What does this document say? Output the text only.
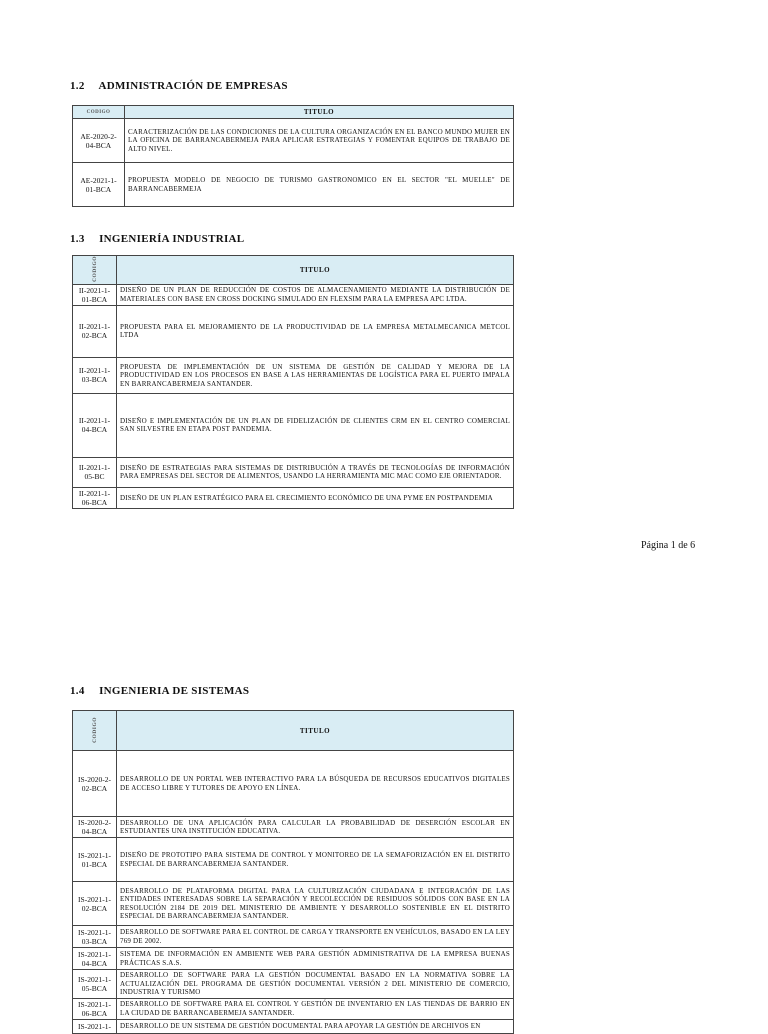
1.2 ADMINISTRACIÓN DE EMPRESAS
CODIGO	TITULO
AE-2020-2-04-BCA	CARACTERIZACIÓN DE LAS CONDICIONES DE LA CULTURA ORGANIZACIÓN EN EL BANCO MUNDO MUJER EN LA OFICINA DE BARRANCABERMEJA PARA APLICAR ESTRATEGIAS Y FOMENTAR EQUIPOS DE TRABAJO DE ALTO NIVEL.
AE-2021-1-01-BCA	PROPUESTA MODELO DE NEGOCIO DE TURISMO GASTRONOMICO EN EL SECTOR "EL MUELLE" DE BARRANCABERMEJA
1.3 INGENIERÍA INDUSTRIAL
CODIGO	TITULO
II-2021-1-01-BCA	DISEÑO DE UN PLAN DE REDUCCIÓN DE COSTOS DE ALMACENAMIENTO MEDIANTE LA DISTRIBUCIÓN DE MATERIALES CON BASE EN CROSS DOCKING SIMULADO EN FLEXSIM PARA LA EMPRESA APC LTDA.
II-2021-1-02-BCA	PROPUESTA PARA EL MEJORAMIENTO DE LA PRODUCTIVIDAD DE LA EMPRESA METALMECANICA METCOL LTDA
II-2021-1-03-BCA	PROPUESTA DE IMPLEMENTACIÓN DE UN SISTEMA DE GESTIÓN DE CALIDAD Y MEJORA DE LA PRODUCTIVIDAD EN LOS PROCESOS EN BASE A LAS HERRAMIENTAS DE LOGÍSTICA PARA EL PUERTO IMPALA EN BARRANCABERMEJA SANTANDER.
II-2021-1-04-BCA	DISEÑO E IMPLEMENTACIÓN DE UN PLAN DE FIDELIZACIÓN DE CLIENTES CRM EN EL CENTRO COMERCIAL SAN SILVESTRE EN ETAPA POST PANDEMIA.
II-2021-1-05-BC	DISEÑO DE ESTRATEGIAS PARA SISTEMAS DE DISTRIBUCIÓN A TRAVÉS DE TECNOLOGÍAS DE INFORMACIÓN PARA EMPRESAS DEL SECTOR DE ALIMENTOS, USANDO LA HERRAMIENTA MIC MAC COMO EJE ORIENTADOR.
II-2021-1-06-BCA	DISEÑO DE UN PLAN ESTRATÉGICO PARA EL CRECIMIENTO ECONÓMICO DE UNA PYME EN POSTPANDEMIA
Página 1 de 6
1.4 INGENIERIA DE SISTEMAS
CODIGO	TITULO
IS-2020-2-02-BCA	DESARROLLO DE UN PORTAL WEB INTERACTIVO PARA LA BÚSQUEDA DE RECURSOS EDUCATIVOS DIGITALES DE ACCESO LIBRE Y TUTORES DE APOYO EN LÍNEA.
IS-2020-2-04-BCA	DESARROLLO DE UNA APLICACIÓN PARA CALCULAR LA PROBABILIDAD DE DESERCIÓN ESCOLAR EN ESTUDIANTES UNA INSTITUCIÓN EDUCATIVA.
IS-2021-1-01-BCA	DISEÑO DE PROTOTIPO PARA SISTEMA DE CONTROL Y MONITOREO DE LA SEMAFORIZACIÓN EN EL DISTRITO ESPECIAL DE BARRANCABERMEJA SANTANDER.
IS-2021-1-02-BCA	DESARROLLO DE PLATAFORMA DIGITAL PARA LA CULTURIZACIÓN CIUDADANA E INTEGRACIÓN DE LAS ENTIDADES INTERESADAS SOBRE LA SEPARACIÓN Y RECOLECCIÓN DE RESIDUOS SÓLIDOS CON BASE EN LA RESOLUCIÓN 2184 DE 2019 DEL MINISTERIO DE AMBIENTE Y DESARROLLO SOSTENIBLE EN EL DISTRITO ESPECIAL DE BARRANCABERMEJA SANTANDER.
IS-2021-1-03-BCA	DESARROLLO DE SOFTWARE PARA EL CONTROL DE CARGA Y TRANSPORTE EN VEHÍCULOS, BASADO EN LA LEY 769 DE 2002.
IS-2021-1-04-BCA	SISTEMA DE INFORMACIÓN EN AMBIENTE WEB PARA GESTIÓN ADMINISTRATIVA DE LA EMPRESA BUENAS PRÁCTICAS S.A.S.
IS-2021-1-05-BCA	DESARROLLO DE SOFTWARE PARA LA GESTIÓN DOCUMENTAL BASADO EN LA NORMATIVA SOBRE LA ACTUALIZACIÓN DEL PROGRAMA DE GESTIÓN DOCUMENTAL VERSIÓN 2 DEL MINISTERIO DE COMERCIO, INDUSTRIA Y TURISMO
IS-2021-1-06-BCA	DESARROLLO DE SOFTWARE PARA EL CONTROL Y GESTIÓN DE INVENTARIO EN LAS TIENDAS DE BARRIO EN LA CIUDAD DE BARRANCABERMEJA SANTANDER.
IS-2021-1-	DESARROLLO DE UN SISTEMA DE GESTIÓN DOCUMENTAL PARA APOYAR LA GESTIÓN DE ARCHIVOS EN
